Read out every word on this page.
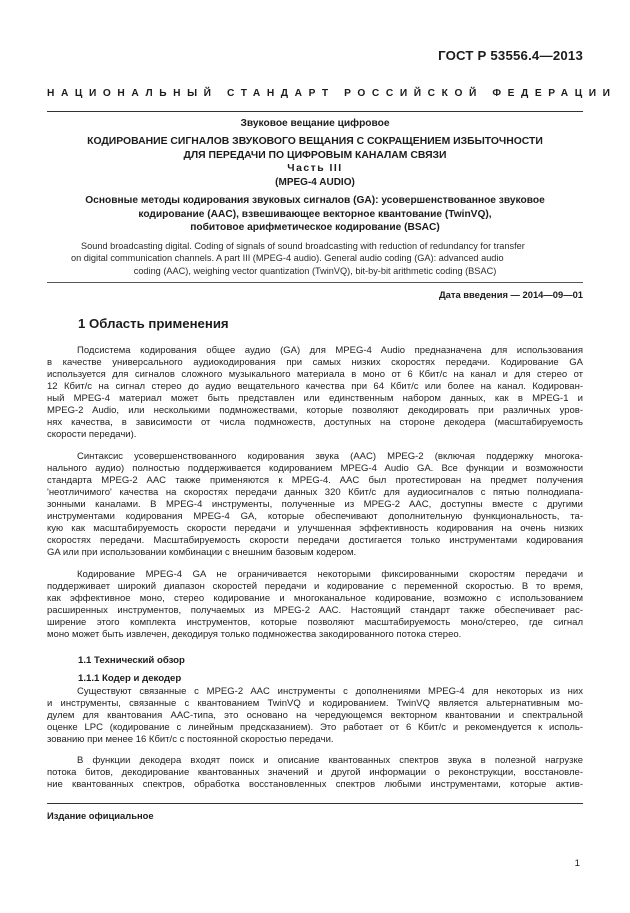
ГОСТ Р 53556.4—2013
НАЦИОНАЛЬНЫЙ СТАНДАРТ РОССИЙСКОЙ ФЕДЕРАЦИИ
Звуковое вещание цифровое
КОДИРОВАНИЕ СИГНАЛОВ ЗВУКОВОГО ВЕЩАНИЯ С СОКРАЩЕНИЕМ ИЗБЫТОЧНОСТИ
ДЛЯ ПЕРЕДАЧИ ПО ЦИФРОВЫМ КАНАЛАМ СВЯЗИ
Часть III
(MPEG-4 AUDIO)
Основные методы кодирования звуковых сигналов (GA): усовершенствованное звуковое
кодирование (AAC), взвешивающее векторное квантование (TwinVQ),
побитовое арифметическое кодирование (BSAC)
Sound broadcasting digital. Coding of signals of sound broadcasting with reduction of redundancy for transfer
on digital communication channels. A part III (MPEG-4 audio). General audio coding (GA): advanced audio
coding (AAC), weighing vector quantization (TwinVQ), bit-by-bit arithmetic coding (BSAC)
Дата введения — 2014—09—01
1 Область применения
Подсистема кодирования общее аудио (GA) для MPEG-4 Audio предназначена для использования
в качестве универсального аудиокодирования при самых низких скоростях передачи. Кодирование GA
используется для сигналов сложного музыкального материала в моно от 6 Кбит/с на канал и для стерео от
12 Кбит/с на сигнал стерео до аудио вещательного качества при 64 Кбит/с или более на канал. Кодирован-
ный MPEG-4 материал может быть представлен или единственным набором данных, как в MPEG-1 и
MPEG-2 Audio, или несколькими подмножествами, которые позволяют декодировать при различных уров-
нях качества, в зависимости от числа подмножеств, доступных на стороне декодера (масштабируемость
скорости передачи).
Синтаксис усовершенствованного кодирования звука (AAC) MPEG-2 (включая поддержку многока-
нального аудио) полностью поддерживается кодированием MPEG-4 Audio GA. Все функции и возможности
стандарта MPEG-2 AAC также применяются к MPEG-4. AAC был протестирован на предмет получения
'неотличимого' качества на скоростях передачи данных 320 Кбит/с для аудиосигналов с пятью полнодиапа-
зонными каналами. В MPEG-4 инструменты, полученные из MPEG-2 AAC, доступны вместе с другими
инструментами кодирования MPEG-4 GA, которые обеспечивают дополнительную функциональность, та-
кую как масштабируемость скорости передачи и улучшенная эффективность кодирования на очень низких
скоростях передачи. Масштабируемость скорости передачи достигается только инструментами кодирования
GA или при использовании комбинации с внешним базовым кодером.
Кодирование MPEG-4 GA не ограничивается некоторыми фиксированными скоростям передачи и
поддерживает широкий диапазон скоростей передачи и кодирование с переменной скоростью. В то время,
как эффективное моно, стерео кодирование и многоканальное кодирование, возможно с использованием
расширенных инструментов, получаемых из MPEG-2 AAC. Настоящий стандарт также обеспечивает рас-
ширение этого комплекта инструментов, которые позволяют масштабируемость моно/стерео, где сигнал
моно может быть извлечен, декодируя только подмножества закодированного потока стерео.
1.1 Технический обзор
1.1.1 Кодер и декодер
Существуют связанные с MPEG-2 AAC инструменты с дополнениями MPEG-4 для некоторых из них
и инструменты, связанные с квантованием TwinVQ и кодированием. TwinVQ является альтернативным мо-
дулем для квантования AAC-типа, это основано на чередующемся векторном квантовании и спектральной
оценке LPC (кодирование с линейным предсказанием). Это работает от 6 Кбит/с и рекомендуется к исполь-
зованию при менее 16 Кбит/с с постоянной скоростью передачи.
В функции декодера входят поиск и описание квантованных спектров звука в полезной нагрузке
потока битов, декодирование квантованных значений и другой информации о реконструкции, восстановле-
ние квантованных спектров, обработка восстановленных спектров любыми инструментами, которые актив-
Издание официальное
1
